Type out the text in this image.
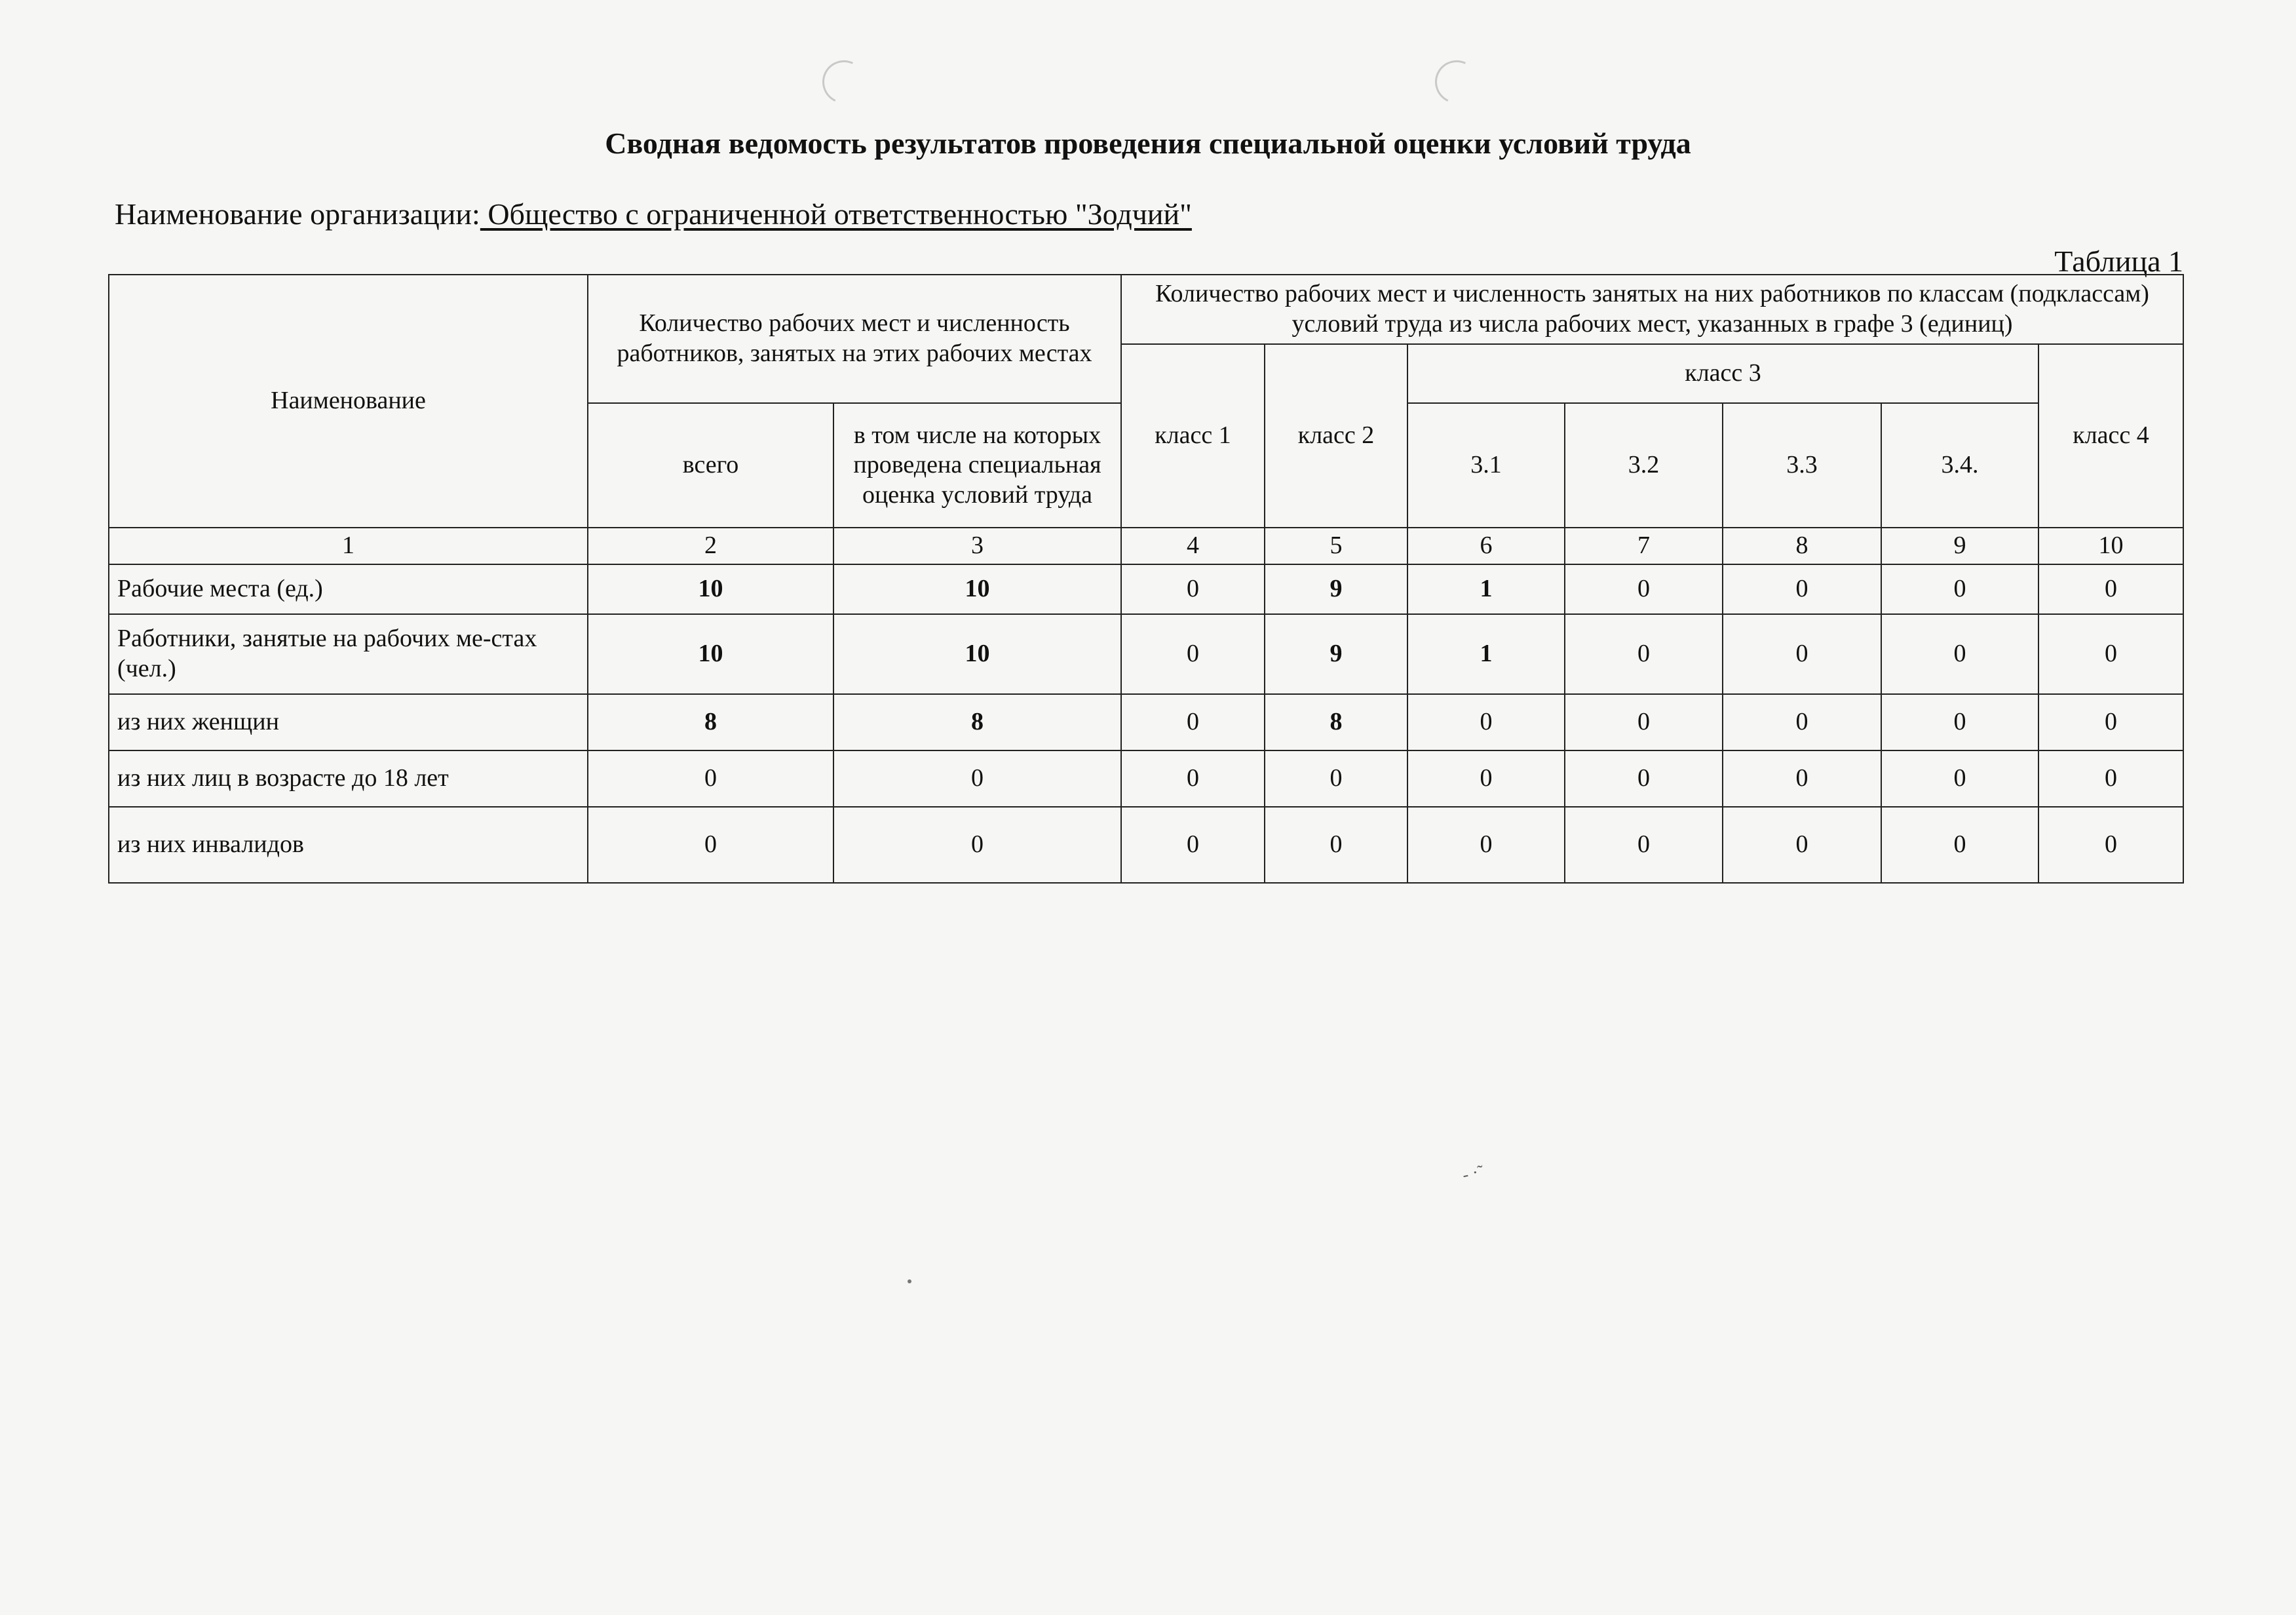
Сводная ведомость результатов проведения специальной оценки условий труда
Наименование организации: Общество с ограниченной ответственностью "Зодчий"
Таблица 1
Наименование	Количество рабочих мест и численность работников, занятых на этих рабочих местах		Количество рабочих мест и численность занятых на них работников по классам (подклассам) условий труда из числа рабочих мест, указанных в графе 3 (единиц)						
			класс 1	класс 2	класс 3				класс 4
	всего	в том числе на которых проведена специальная оценка условий труда			3.1	3.2	3.3	3.4.	
1	2	3	4	5	6	7	8	9	10
Рабочие места (ед.)	10	10	0	9	1	0	0	0	0
Работники, занятые на рабочих ме-стах (чел.)	10	10	0	9	1	0	0	0	0
из них женщин	8	8	0	8	0	0	0	0	0
из них лиц в возрасте до 18 лет	0	0	0	0	0	0	0	0	0
из них инвалидов	0	0	0	0	0	0	0	0	0
- ·˜
